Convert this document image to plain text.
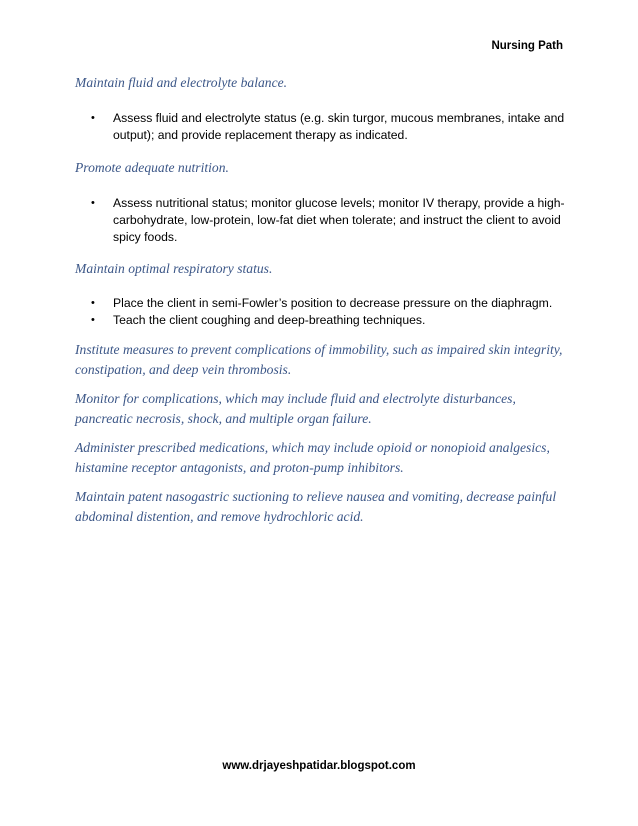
Nursing Path

Maintain fluid and electrolyte balance.

• Assess fluid and electrolyte status (e.g. skin turgor, mucous membranes, intake and output); and provide replacement therapy as indicated.

Promote adequate nutrition.

• Assess nutritional status; monitor glucose levels; monitor IV therapy, provide a high-carbohydrate, low-protein, low-fat diet when tolerate; and instruct the client to avoid spicy foods.

Maintain optimal respiratory status.

• Place the client in semi-Fowler’s position to decrease pressure on the diaphragm.
• Teach the client coughing and deep-breathing techniques.

Institute measures to prevent complications of immobility, such as impaired skin integrity, constipation, and deep vein thrombosis.

Monitor for complications, which may include fluid and electrolyte disturbances, pancreatic necrosis, shock, and multiple organ failure.

Administer prescribed medications, which may include opioid or nonopioid analgesics, histamine receptor antagonists, and proton-pump inhibitors.

Maintain patent nasogastric suctioning to relieve nausea and vomiting, decrease painful abdominal distention, and remove hydrochloric acid.

www.drjayeshpatidar.blogspot.com
